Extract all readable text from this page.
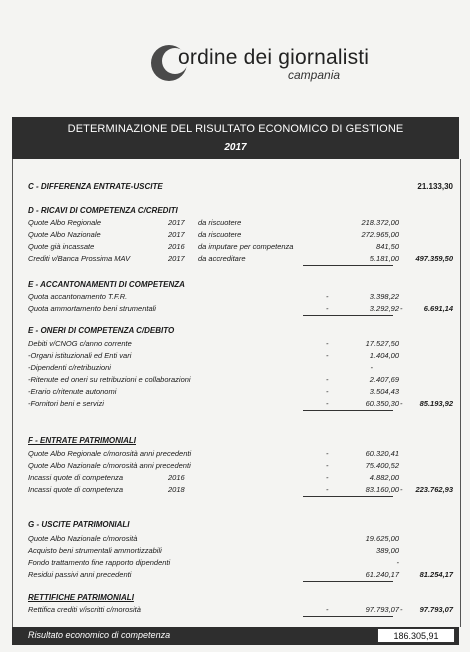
ordine dei giornalisti
campania
DETERMINAZIONE DEL RISULTATO ECONOMICO DI GESTIONE
2017
C - DIFFERENZA ENTRATE-USCITE	21.133,30
D - RICAVI DI COMPETENZA C/CREDITI
Quote Albo Regionale	2017 da riscuotere	218.372,00
Quote Albo Nazionale	2017 da riscuotere	272.965,00
Quote già incassate	2016 da imputare per competenza	841,50
Crediti v/Banca Prossima MAV	2017 da accreditare	5.181,00 497.359,50
E - ACCANTONAMENTI DI COMPETENZA
Quota accantonamento T.F.R.	-	3.398,22
Quota ammortamento beni strumentali	-	3.292,92 -	6.691,14
E - ONERI DI COMPETENZA C/DEBITO
Debiti v/CNOG c/anno corrente	-	17.527,50
-Organi istituzionali ed Enti vari	-	1.404,00
-Dipendenti c/retribuzioni	-
-Ritenute ed oneri su retribuzioni e collaborazioni	-	2.407,69
-Erario c/ritenute autonomi	-	3.504,43
-Fornitori beni e servizi	-	60.350,30 - 85.193,92
F - ENTRATE PATRIMONIALI
Quote Albo Regionale c/morosità anni precedenti	-	60.320,41
Quote Albo Nazionale c/morosità anni precedenti	-	75.400,52
Incassi quote di competenza	2016	-	4.882,00
Incassi quote di competenza	2018	-	83.160,00 - 223.762,93
G - USCITE PATRIMONIALI
Quote Albo Nazionale c/morosità	19.625,00
Acquisto beni strumentali ammortizzabili	389,00
Fondo trattamento fine rapporto dipendenti	-
Residui passivi anni precedenti	61.240,17	81.254,17
RETTIFICHE PATRIMONIALI
Rettifica crediti v/iscritti c/morosità	-	97.793,07 - 97.793,07
Risultato economico di competenza	186.305,91
